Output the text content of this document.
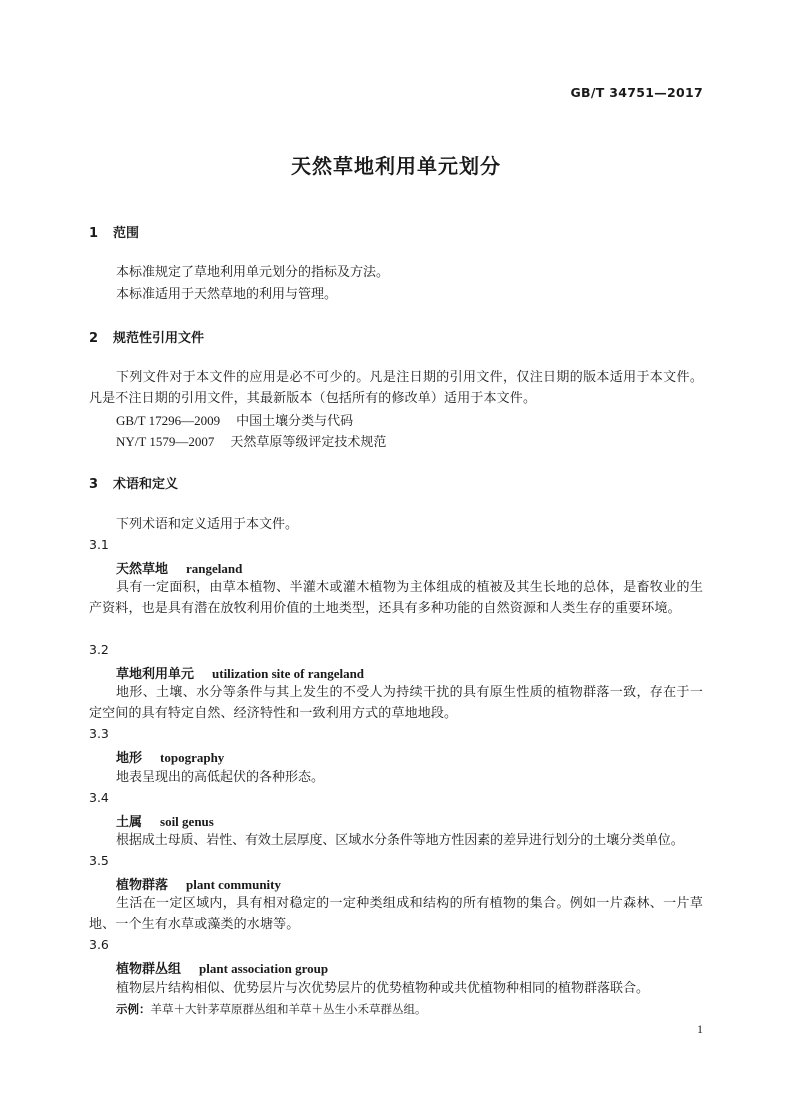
GB/T 34751—2017
天然草地利用单元划分
1 范围
本标准规定了草地利用单元划分的指标及方法。
本标准适用于天然草地的利用与管理。
2 规范性引用文件
下列文件对于本文件的应用是必不可少的。凡是注日期的引用文件，仅注日期的版本适用于本文件。凡是不注日期的引用文件，其最新版本（包括所有的修改单）适用于本文件。
GB/T 17296—2009 中国土壤分类与代码
NY/T 1579—2007 天然草原等级评定技术规范
3 术语和定义
下列术语和定义适用于本文件。
3.1
天然草地 rangeland
具有一定面积，由草本植物、半灌木或灌木植物为主体组成的植被及其生长地的总体，是畜牧业的生产资料，也是具有潜在放牧利用价值的土地类型，还具有多种功能的自然资源和人类生存的重要环境。
3.2
草地利用单元 utilization site of rangeland
地形、土壤、水分等条件与其上发生的不受人为持续干扰的具有原生性质的植物群落一致，存在于一定空间的具有特定自然、经济特性和一致利用方式的草地地段。
3.3
地形 topography
地表呈现出的高低起伏的各种形态。
3.4
土属 soil genus
根据成土母质、岩性、有效土层厚度、区域水分条件等地方性因素的差异进行划分的土壤分类单位。
3.5
植物群落 plant community
生活在一定区域内，具有相对稳定的一定种类组成和结构的所有植物的集合。例如一片森林、一片草地、一个生有水草或藻类的水塘等。
3.6
植物群丛组 plant association group
植物层片结构相似、优势层片与次优势层片的优势植物种或共优植物种相同的植物群落联合。
示例：羊草＋大针茅草原群丛组和羊草＋丛生小禾草群丛组。
1
